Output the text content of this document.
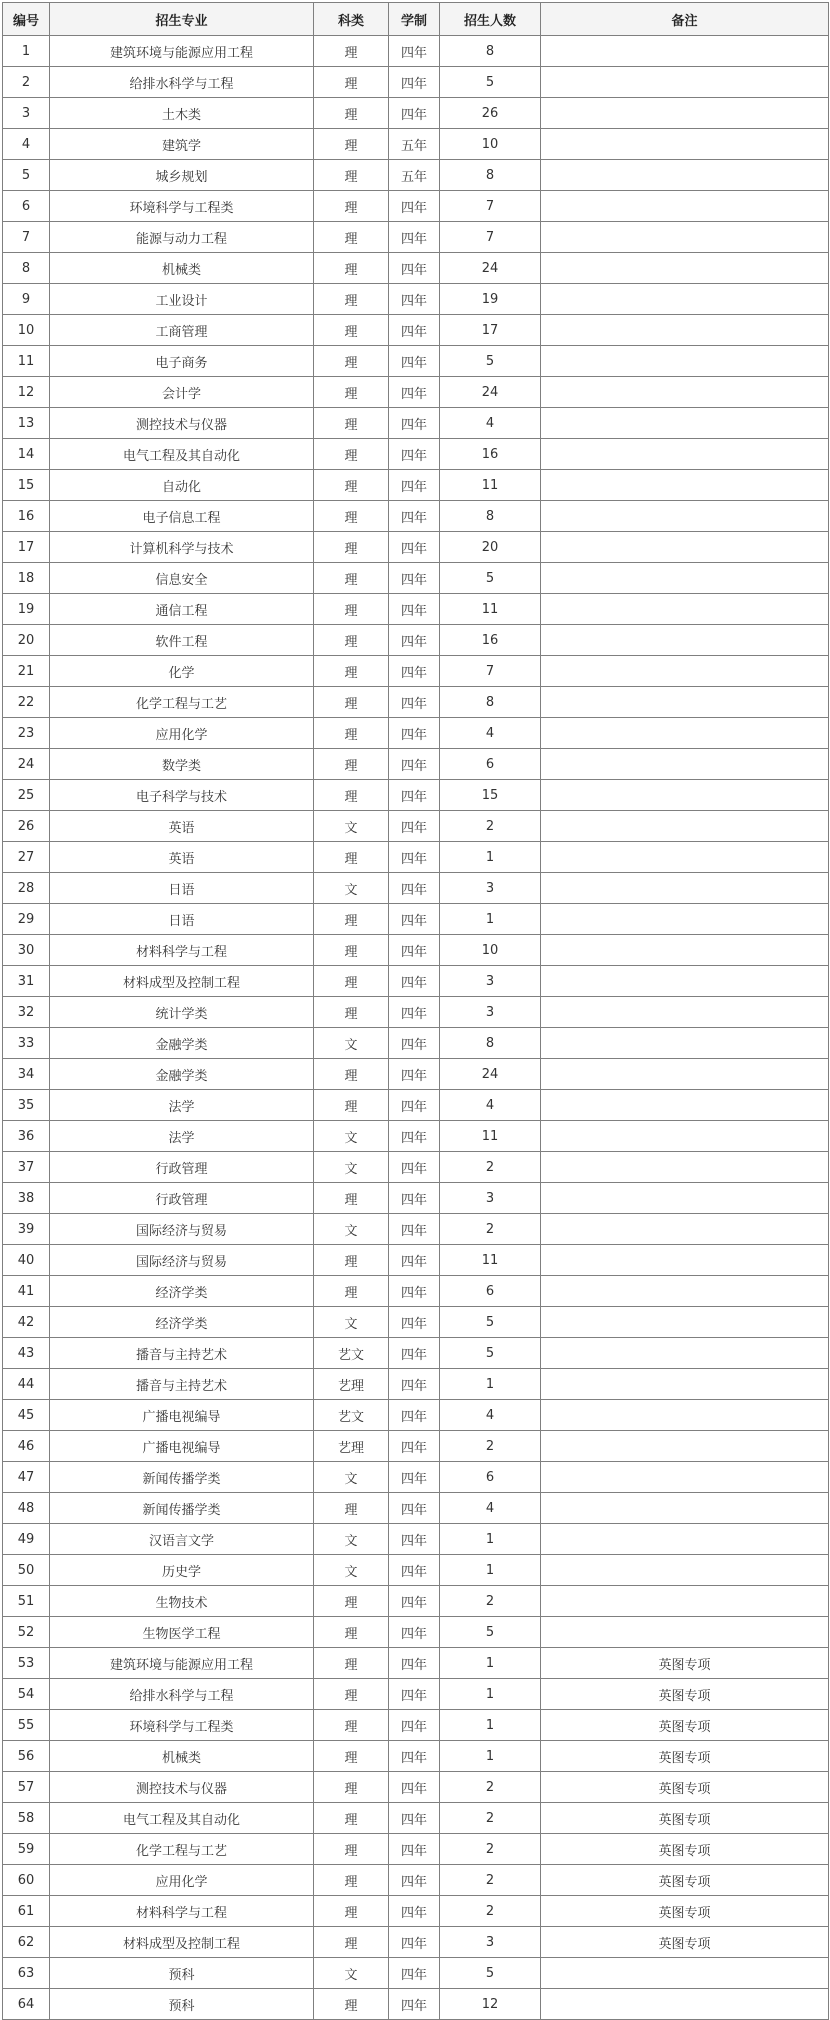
编号	招生专业	科类	学制	招生人数	备注
1	建筑环境与能源应用工程	理	四年	8	
2	给排水科学与工程	理	四年	5	
3	土木类	理	四年	26	
4	建筑学	理	五年	10	
5	城乡规划	理	五年	8	
6	环境科学与工程类	理	四年	7	
7	能源与动力工程	理	四年	7	
8	机械类	理	四年	24	
9	工业设计	理	四年	19	
10	工商管理	理	四年	17	
11	电子商务	理	四年	5	
12	会计学	理	四年	24	
13	测控技术与仪器	理	四年	4	
14	电气工程及其自动化	理	四年	16	
15	自动化	理	四年	11	
16	电子信息工程	理	四年	8	
17	计算机科学与技术	理	四年	20	
18	信息安全	理	四年	5	
19	通信工程	理	四年	11	
20	软件工程	理	四年	16	
21	化学	理	四年	7	
22	化学工程与工艺	理	四年	8	
23	应用化学	理	四年	4	
24	数学类	理	四年	6	
25	电子科学与技术	理	四年	15	
26	英语	文	四年	2	
27	英语	理	四年	1	
28	日语	文	四年	3	
29	日语	理	四年	1	
30	材料科学与工程	理	四年	10	
31	材料成型及控制工程	理	四年	3	
32	统计学类	理	四年	3	
33	金融学类	文	四年	8	
34	金融学类	理	四年	24	
35	法学	理	四年	4	
36	法学	文	四年	11	
37	行政管理	文	四年	2	
38	行政管理	理	四年	3	
39	国际经济与贸易	文	四年	2	
40	国际经济与贸易	理	四年	11	
41	经济学类	理	四年	6	
42	经济学类	文	四年	5	
43	播音与主持艺术	艺文	四年	5	
44	播音与主持艺术	艺理	四年	1	
45	广播电视编导	艺文	四年	4	
46	广播电视编导	艺理	四年	2	
47	新闻传播学类	文	四年	6	
48	新闻传播学类	理	四年	4	
49	汉语言文学	文	四年	1	
50	历史学	文	四年	1	
51	生物技术	理	四年	2	
52	生物医学工程	理	四年	5	
53	建筑环境与能源应用工程	理	四年	1	英图专项
54	给排水科学与工程	理	四年	1	英图专项
55	环境科学与工程类	理	四年	1	英图专项
56	机械类	理	四年	1	英图专项
57	测控技术与仪器	理	四年	2	英图专项
58	电气工程及其自动化	理	四年	2	英图专项
59	化学工程与工艺	理	四年	2	英图专项
60	应用化学	理	四年	2	英图专项
61	材料科学与工程	理	四年	2	英图专项
62	材料成型及控制工程	理	四年	3	英图专项
63	预科	文	四年	5	
64	预科	理	四年	12	
